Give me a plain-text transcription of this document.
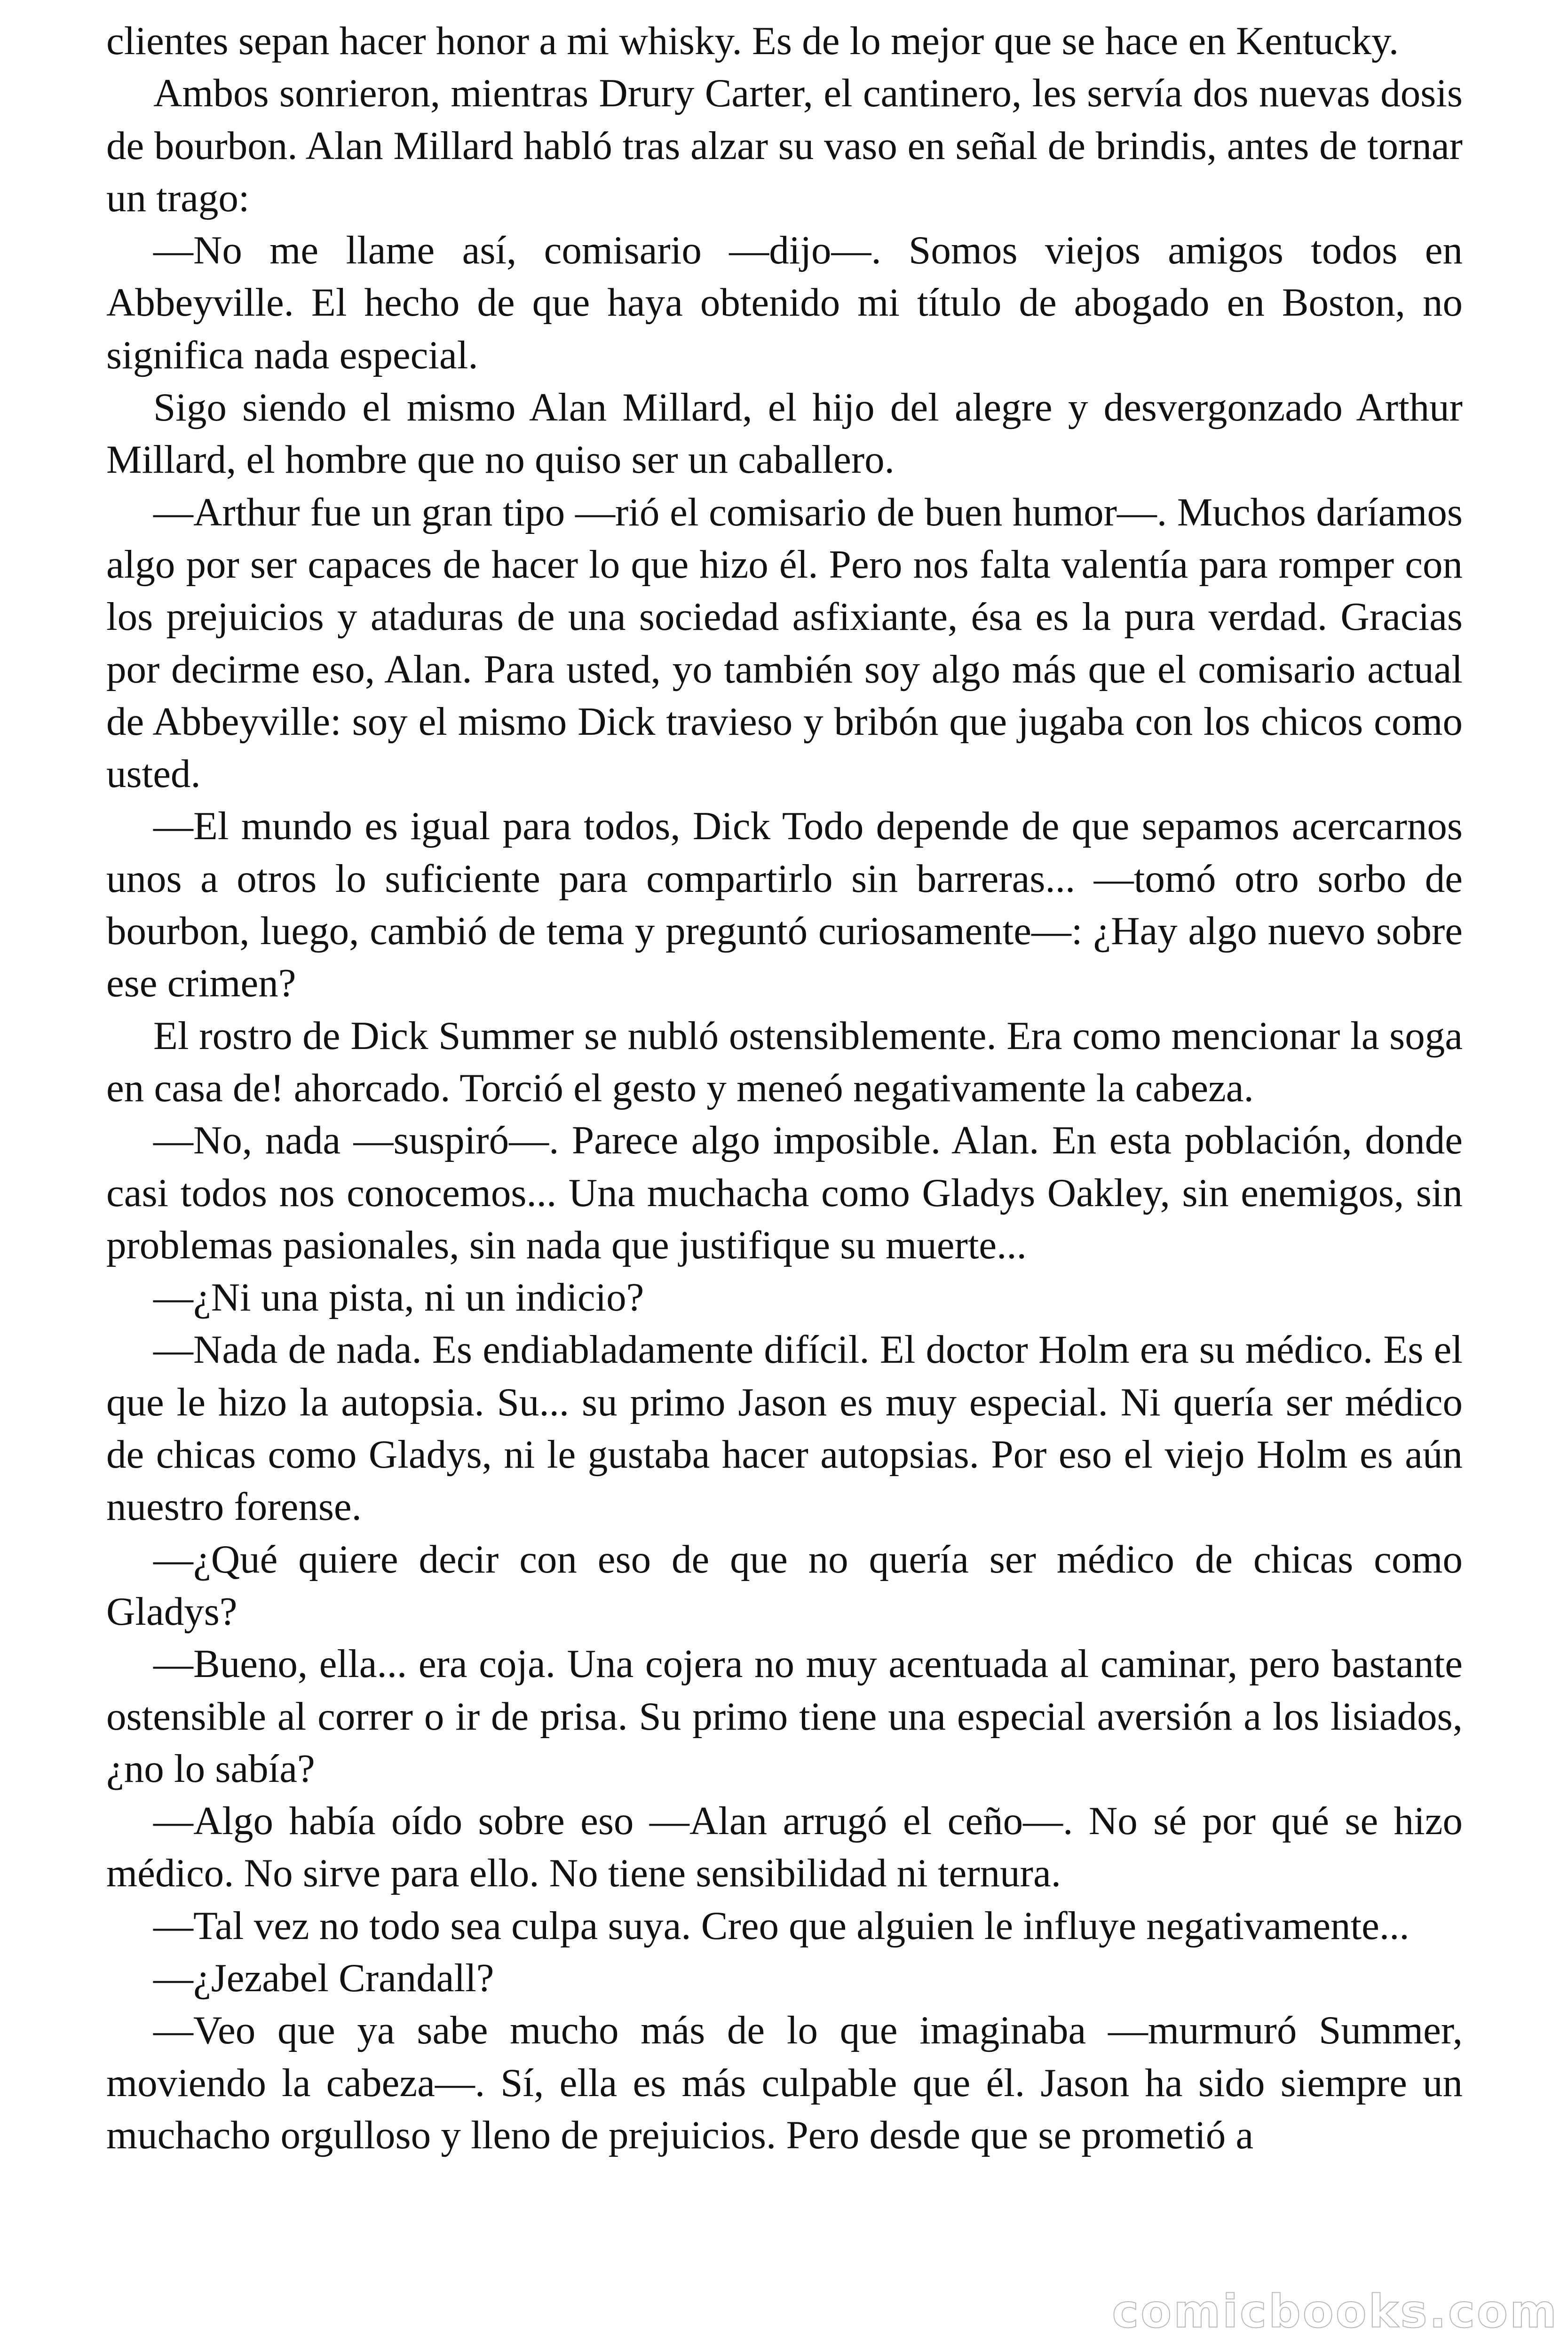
clientes sepan hacer honor a mi whisky. Es de lo mejor que se hace en Kentucky.

Ambos sonrieron, mientras Drury Carter, el cantinero, les servía dos nuevas dosis de bourbon. Alan Millard habló tras alzar su vaso en señal de brindis, antes de tornar un trago:

—No me llame así, comisario —dijo—. Somos viejos amigos todos en Abbeyville. El hecho de que haya obtenido mi título de abogado en Boston, no significa nada especial.

Sigo siendo el mismo Alan Millard, el hijo del alegre y desvergonzado Arthur Millard, el hombre que no quiso ser un caballero.

—Arthur fue un gran tipo —rió el comisario de buen humor—. Muchos daríamos algo por ser capaces de hacer lo que hizo él. Pero nos falta valentía para romper con los prejuicios y ataduras de una sociedad asfixiante, ésa es la pura verdad. Gracias por decirme eso, Alan. Para usted, yo también soy algo más que el comisario actual de Abbeyville: soy el mismo Dick travieso y bribón que jugaba con los chicos como usted.

—El mundo es igual para todos, Dick Todo depende de que sepamos acercarnos unos a otros lo suficiente para compartirlo sin barreras... —tomó otro sorbo de bourbon, luego, cambió de tema y preguntó curiosamente—: ¿Hay algo nuevo sobre ese crimen?

El rostro de Dick Summer se nubló ostensiblemente. Era como mencionar la soga en casa de! ahorcado. Torció el gesto y meneó negativamente la cabeza.

—No, nada —suspiró—. Parece algo imposible. Alan. En esta población, donde casi todos nos conocemos... Una muchacha como Gladys Oakley, sin enemigos, sin problemas pasionales, sin nada que justifique su muerte...

—¿Ni una pista, ni un indicio?

—Nada de nada. Es endiabladamente difícil. El doctor Holm era su médico. Es el que le hizo la autopsia. Su... su primo Jason es muy especial. Ni quería ser médico de chicas como Gladys, ni le gustaba hacer autopsias. Por eso el viejo Holm es aún nuestro forense.

—¿Qué quiere decir con eso de que no quería ser médico de chicas como Gladys?

—Bueno, ella... era coja. Una cojera no muy acentuada al caminar, pero bastante ostensible al correr o ir de prisa. Su primo tiene una especial aversión a los lisiados, ¿no lo sabía?

—Algo había oído sobre eso —Alan arrugó el ceño—. No sé por qué se hizo médico. No sirve para ello. No tiene sensibilidad ni ternura.

—Tal vez no todo sea culpa suya. Creo que alguien le influye negativamente...

—¿Jezabel Crandall?

—Veo que ya sabe mucho más de lo que imaginaba —murmuró Summer, moviendo la cabeza—. Sí, ella es más culpable que él. Jason ha sido siempre un muchacho orgulloso y lleno de prejuicios. Pero desde que se prometió a

comicbooks.com
